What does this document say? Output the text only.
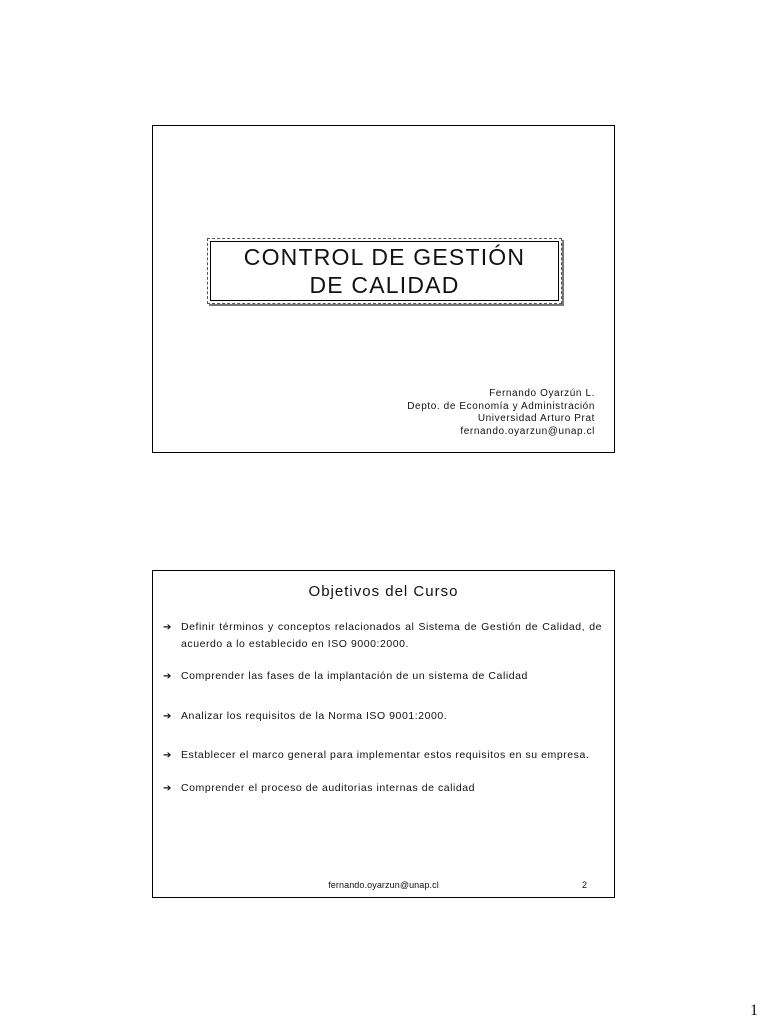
CONTROL DE GESTIÓN
DE CALIDAD
Fernando Oyarzún L.
Depto. de Economía y Administración
Universidad Arturo Prat
fernando.oyarzun@unap.cl
Objetivos del Curso
➔ Definir términos y conceptos relacionados al Sistema de Gestión de Calidad, de acuerdo a lo establecido en ISO 9000:2000.
➔ Comprender las fases de la implantación de un sistema de Calidad
➔ Analizar los requisitos de la Norma ISO 9001:2000.
➔ Establecer el marco general para implementar estos requisitos en su empresa.
➔ Comprender el proceso de auditorias internas de calidad
fernando.oyarzun@unap.cl	2
1
